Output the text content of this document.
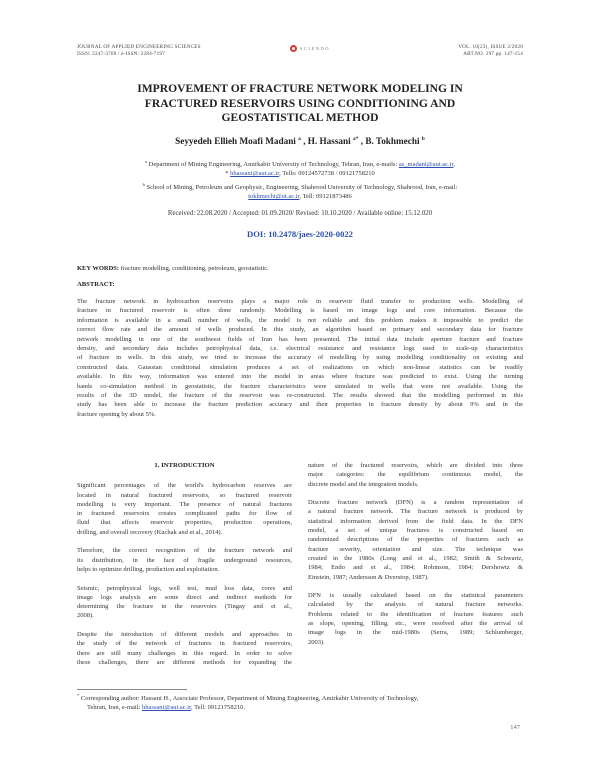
JOURNAL OF APPLIED ENGINEERING SCIENCES
ISSN: 2247-3769 / e-ISSN: 2284-7197
SCIENDO	VOL. 10(23), ISSUE 2/2020
ART.NO. 297 pp. 147-154
IMPROVEMENT OF FRACTURE NETWORK MODELING IN
FRACTURED RESERVOIRS USING CONDITIONING AND
GEOSTATISTICAL METHOD
Seyyedeh Ellieh Moafi Madani $^a$ , H. Hassani $^{a*}$ , B. Tokhmechi $^b$
$^a$ Department of Mining Engineering, Amirkabir University of Technology, Tehran, Iran, e-mails: as_madani@aut.ac.ir,
* hhassani@aut.ac.ir, Tells: 09124572738 / 09121758210
$^b$ School of Mining, Petroleum and Geophysic, Engineering, Shahrood University of Technology, Shahrood, Iran, e-mail:
tokhmechi@ut.ac.ir, Tell: 09121873486
Received: 22.08.2020 / Accepted: 01.09.2020/ Revised: 10.10.2020 / Available online: 15.12.020
DOI: 10.2478/jaes-2020-0022
KEY WORDS: fracture modelling, conditioning, petroleum, geostatistic.
ABSTRACT:
The fracture network in hydrocarbon reservoirs plays a major role in reservoir fluid transfer to production wells. Modelling of
fracture in fractured reservoir is often done randomly. Modelling is based on image logs and core information. Because the
information is available in a small number of wells, the model is not reliable and this problem makes it impossible to predict the
correct flow rate and the amount of wells produced. In this study, an algorithm based on primary and secondary data for fracture
network modelling in one of the southwest fields of Iran has been presented. The initial data include aperture fracture and fracture
density, and secondary data includes petrophysical data, i.e. electrical resistance and resistance logs used to scale-up characteristics
of fracture in wells. In this study, we tried to increase the accuracy of modelling by using modelling conditionality on existing and
constructed data. Gaussian conditional simulation produces a set of realizations on which non-linear statistics can be readily
available. In this way, information was entered into the model in areas where fracture was predicted to exist. Using the turning
bands co-simulation method in geostatistic, the fracture characteristics were simulated in wells that were not available. Using the
results of the 3D model, the fracture of the reservoir was re-constructed. The results showed that the modelling performed in this
study has been able to increase the fracture prediction accuracy and their properties in fracture density by about 9% and in the
fracture opening by about 5%.
1. INTRODUCTION
Significant percentages of the world's hydrocarbon reserves are
located in natural fractured reservoirs, so fractured reservoir
modelling is very important. The presence of natural fractures
in fractured reservoirs creates complicated paths for flow of
fluid that affects reservoir properties, production operations,
drilling, and overall recovery (Kuchak and et al., 2014).
Therefore, the correct recognition of the fracture network and
its distribution, in the face of fragile underground resources,
helps to optimize drilling, production and exploitation.
Seismic, petrophysical logs, well test, mud loss data, cores and
image logs analysis are some direct and indirect methods for
determining the fracture in the reservoirs (Tingay and et al.,
2008).
Despite the introduction of different models and approaches in
the study of the network of fractures in fractured reservoirs,
there are still many challenges in this regard. In order to solve
these challenges, there are different methods for expanding the
nature of the fractured reservoirs, which are divided into three
major categories: the equilibrium continuous model, the
discrete model and the integration models.
Discrete fracture network (DFN) is a random representation of
a natural fracture network. The fracture network is produced by
statistical information derived from the field data. In the DFN
model, a set of unique fractures is constructed based on
randomized descriptions of the properties of fractures such as
fracture severity, orientation and size. The technique was
created in the 1980s (Long and et al., 1982; Smith & Schwartz,
1984; Endo and et al., 1984; Robinson, 1984; Dershowtz &
Einstein, 1987; Andersson & Dverstop, 1987).
DFN is usually calculated based on the statistical parameters
calculated by the analysis of natural fracture networks.
Problems related to the identification of fracture features such
as slope, opening, filling, etc., were resolved after the arrival of
image logs in the mid-1980s (Serra, 1989; Schlumberger,
2003).
* Corresponding author: Hassani H., Associate Professor, Department of Mining Engineering, Amirkabir University of Technology,
Tehran, Iran, e-mail: hhassani@aut.ac.ir, Tell: 09121758210.
147
